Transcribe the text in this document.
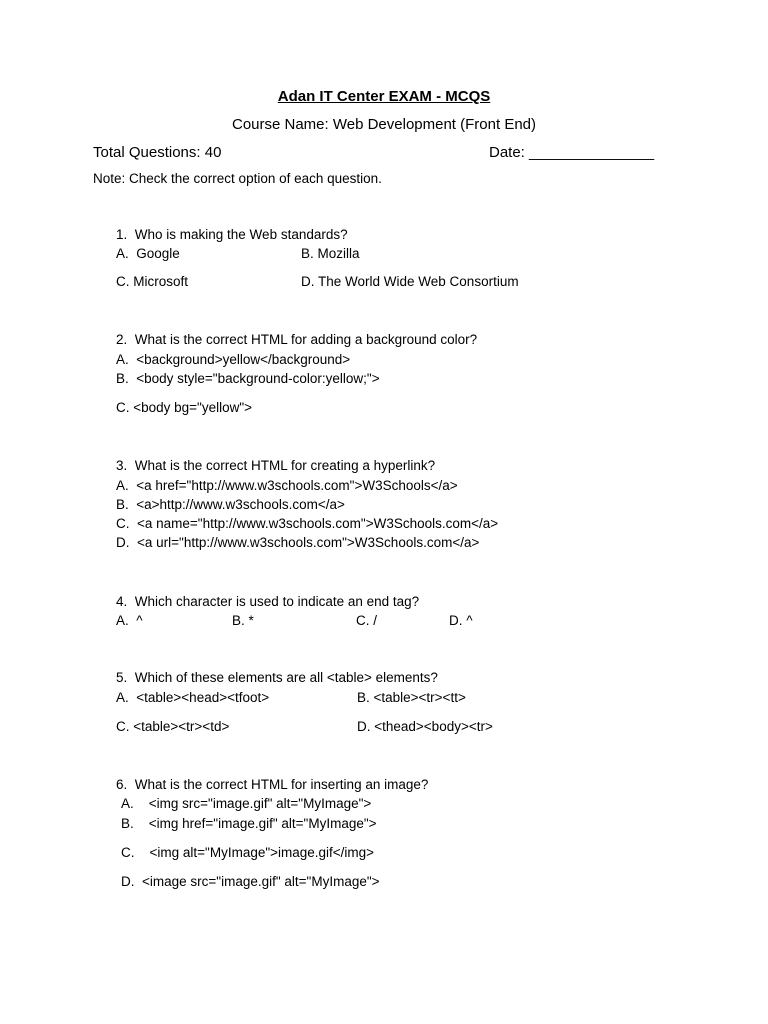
Adan IT Center EXAM - MCQS
Course Name: Web Development (Front End)
Total Questions: 40	Date: _______________
Note: Check the correct option of each question.
1.  Who is making the Web standards?
A.  Google	B. Mozilla
C. Microsoft	D. The World Wide Web Consortium
2.  What is the correct HTML for adding a background color?
A.  <background>yellow</background>
B.  <body style="background-color:yellow;">
C. <body bg="yellow">
3.  What is the correct HTML for creating a hyperlink?
A.  <a href="http://www.w3schools.com">W3Schools</a>
B.  <a>http://www.w3schools.com</a>
C.  <a name="http://www.w3schools.com">W3Schools.com</a>
D.  <a url="http://www.w3schools.com">W3Schools.com</a>
4.  Which character is used to indicate an end tag?
A.  ^	B. *	C. /	D. ^
5.  Which of these elements are all <table> elements?
A.  <table><head><tfoot>	B. <table><tr><tt>
C. <table><tr><td>	D. <thead><body><tr>
6.  What is the correct HTML for inserting an image?
A.    <img src="image.gif" alt="MyImage">
B.    <img href="image.gif" alt="MyImage">
C.    <img alt="MyImage">image.gif</img>
D.  <image src="image.gif" alt="MyImage">
